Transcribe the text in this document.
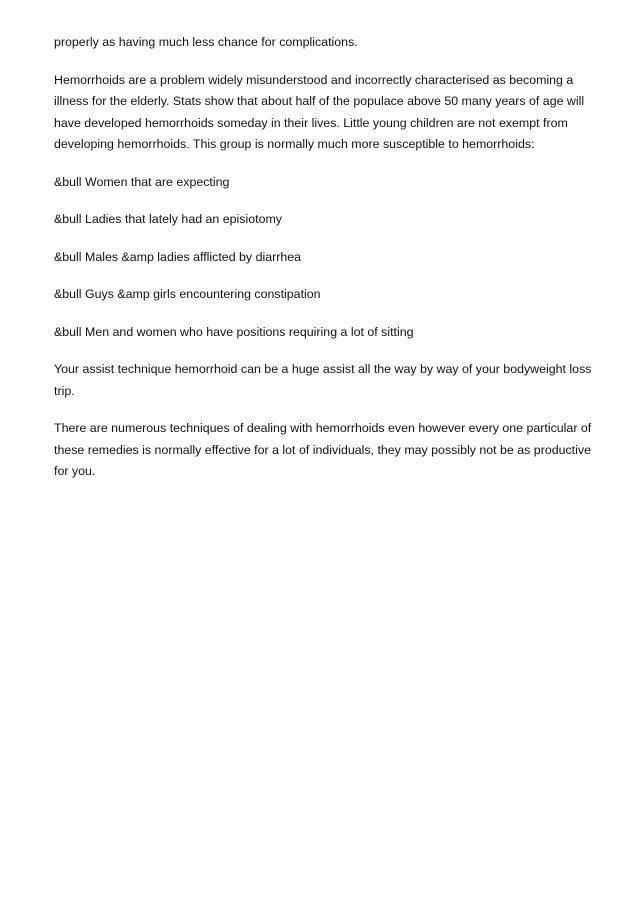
properly as having much less chance for complications.

Hemorrhoids are a problem widely misunderstood and incorrectly characterised as becoming a illness for the elderly. Stats show that about half of the populace above 50 many years of age will have developed hemorrhoids someday in their lives. Little young children are not exempt from developing hemorrhoids. This group is normally much more susceptible to hemorrhoids:

&bull Women that are expecting

&bull Ladies that lately had an episiotomy

&bull Males &amp ladies afflicted by diarrhea

&bull Guys &amp girls encountering constipation

&bull Men and women who have positions requiring a lot of sitting

Your assist technique hemorrhoid can be a huge assist all the way by way of your bodyweight loss trip.

There are numerous techniques of dealing with hemorrhoids even however every one particular of these remedies is normally effective for a lot of individuals, they may possibly not be as productive for you.
